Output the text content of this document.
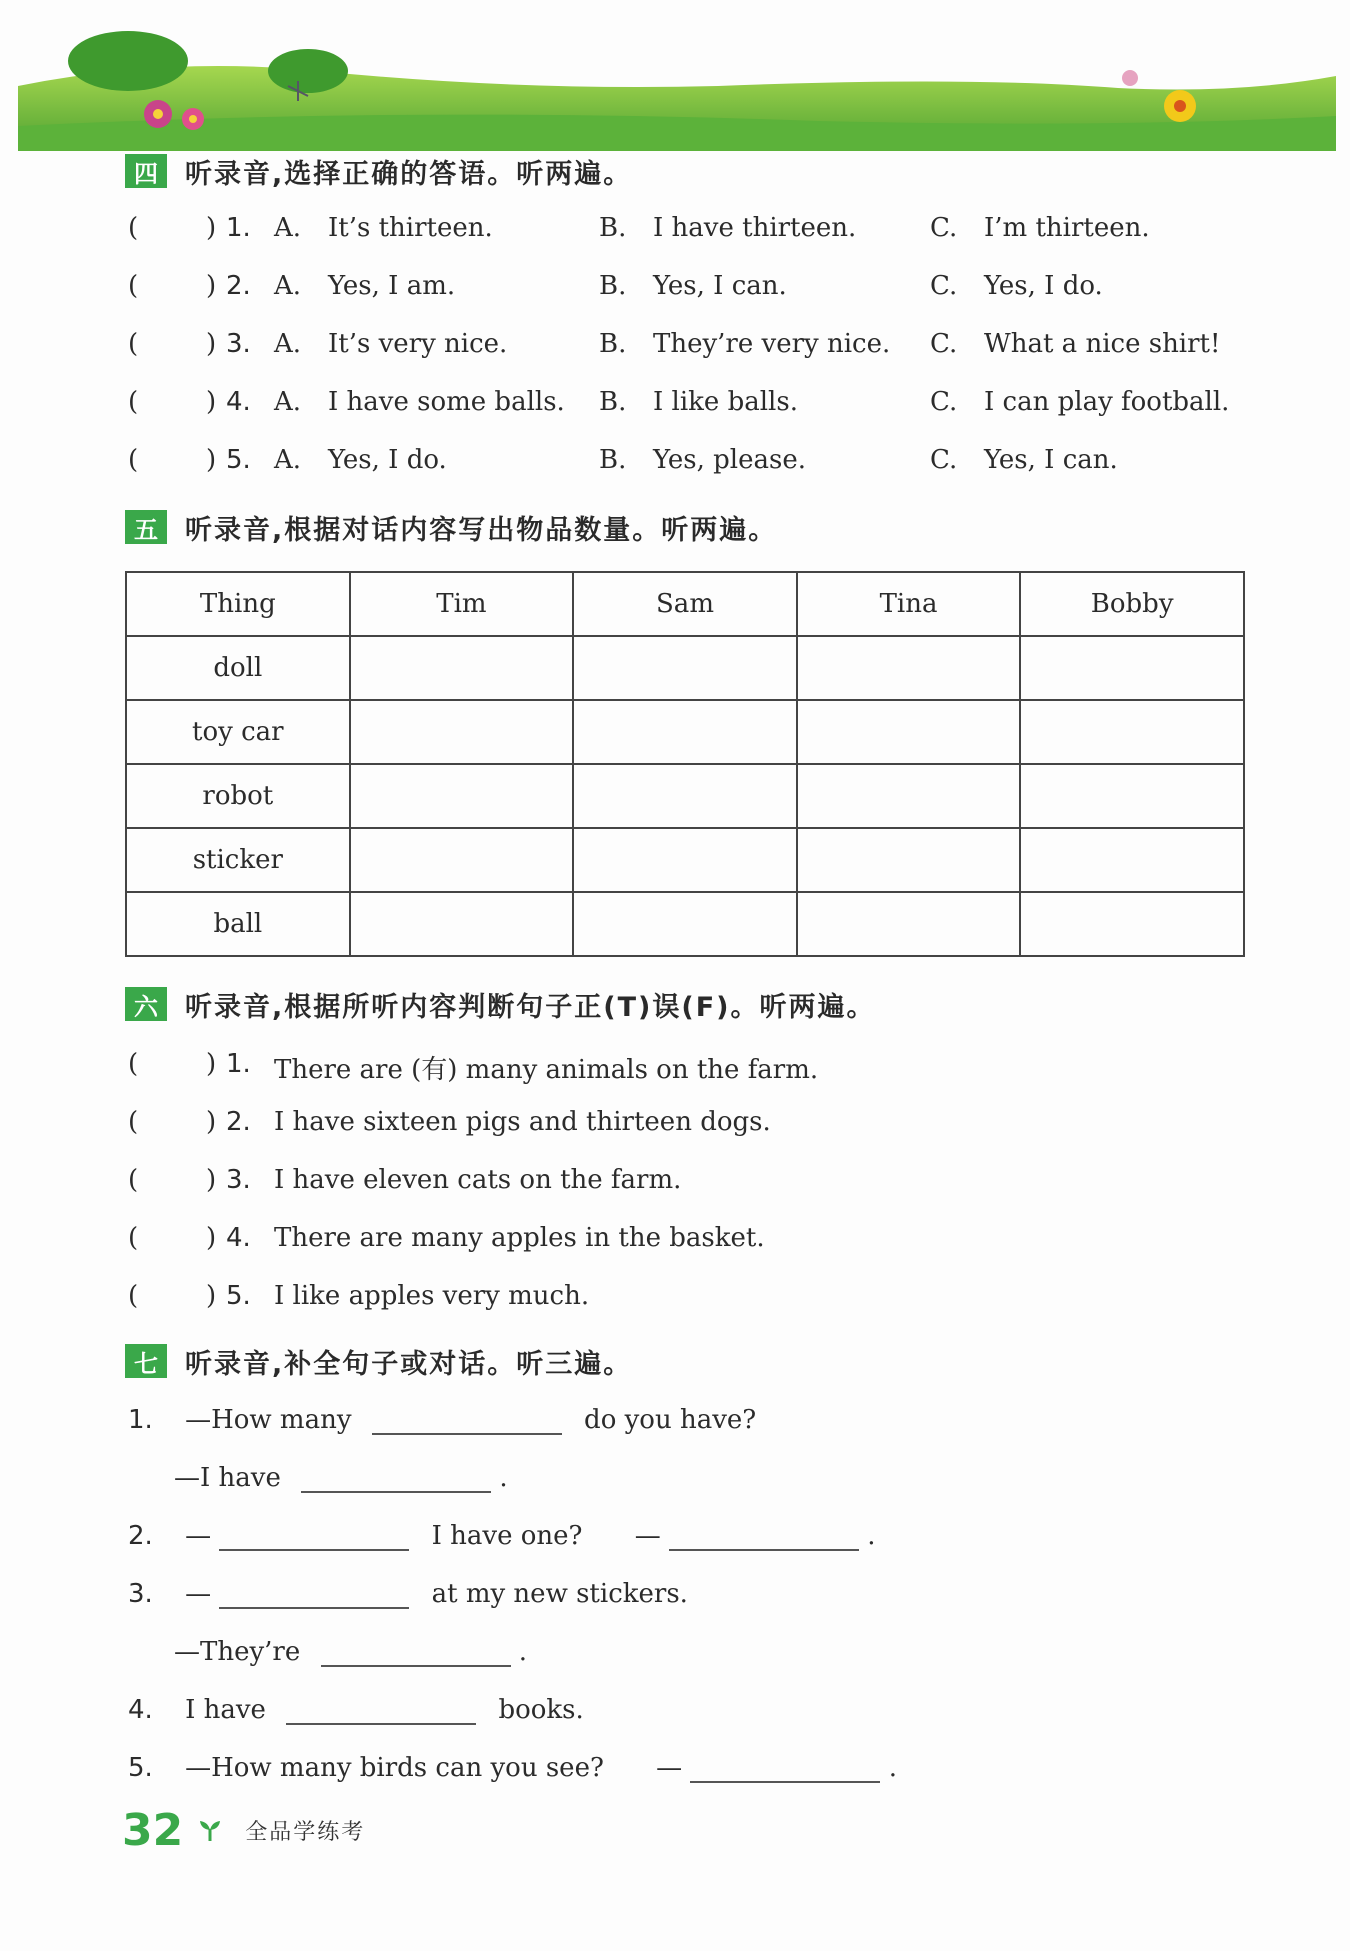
四	听录音,选择正确的答语。听两遍。
(	) 1. A. It’s thirteen.	B. I have thirteen.	C. I’m thirteen.
(	) 2. A. Yes, I am.	B. Yes, I can.	C. Yes, I do.
(	) 3. A. It’s very nice.	B. They’re very nice. C. What a nice shirt!
(	) 4. A. I have some balls. B. I like balls.	C. I can play football.
(	) 5. A. Yes, I do.	B. Yes, please.	C. Yes, I can.
五	听录音,根据对话内容写出物品数量。听两遍。
Thing	Tim	Sam	Tina	Bobby
doll				
toy car				
robot				
sticker				
ball				
六	听录音,根据所听内容判断句子正(T)误(F)。听两遍。
(	) 1. There are (有) many animals on the farm.
(	) 2. I have sixteen pigs and thirteen dogs.
(	) 3. I have eleven cats on the farm.
(	) 4. There are many apples in the basket.
(	) 5. I like apples very much.
七	听录音,补全句子或对话。听三遍。
1. —How many	do you have?
—I have	.
2. —	I have one? —	.
3. —	at my new stickers.
—They’re	.
4. I have	books.
5. —How many birds can you see? —	.
32	全品学练考
